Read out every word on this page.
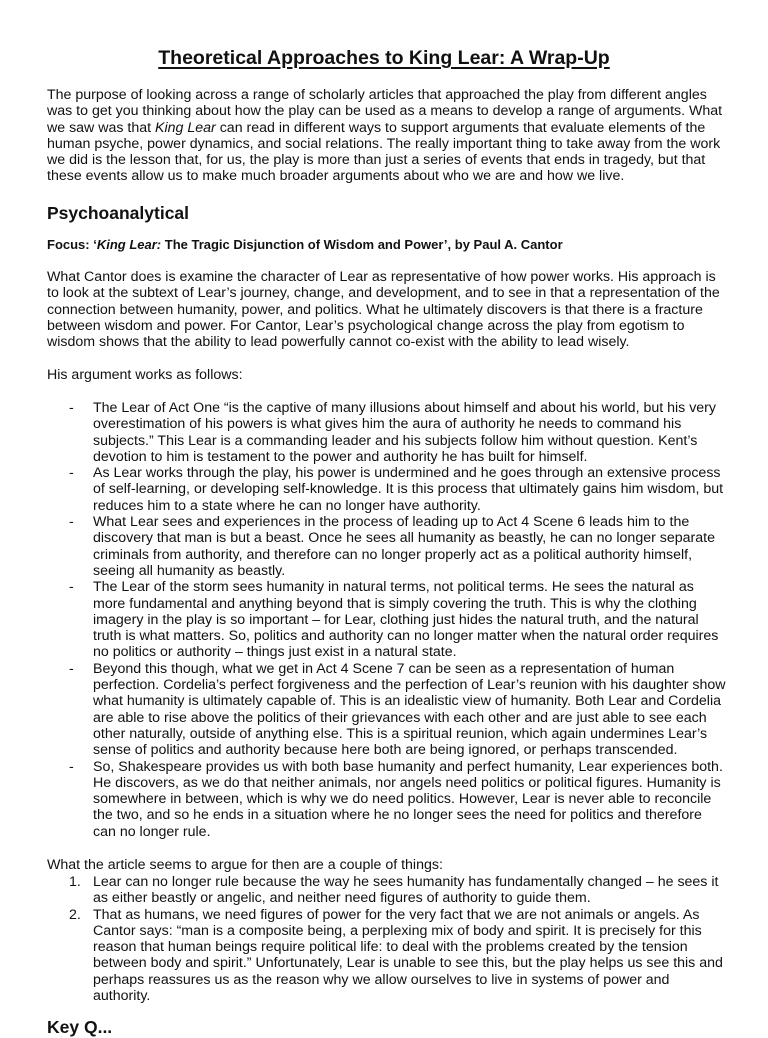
Theoretical Approaches to King Lear: A Wrap-Up

The purpose of looking across a range of scholarly articles that approached the play from different angles was to get you thinking about how the play can be used as a means to develop a range of arguments. What we saw was that King Lear can read in different ways to support arguments that evaluate elements of the human psyche, power dynamics, and social relations. The really important thing to take away from the work we did is the lesson that, for us, the play is more than just a series of events that ends in tragedy, but that these events allow us to make much broader arguments about who we are and how we live.

Psychoanalytical

Focus: ‘King Lear: The Tragic Disjunction of Wisdom and Power’, by Paul A. Cantor

What Cantor does is examine the character of Lear as representative of how power works. His approach is to look at the subtext of Lear’s journey, change, and development, and to see in that a representation of the connection between humanity, power, and politics. What he ultimately discovers is that there is a fracture between wisdom and power. For Cantor, Lear’s psychological change across the play from egotism to wisdom shows that the ability to lead powerfully cannot co-exist with the ability to lead wisely.

His argument works as follows:

- The Lear of Act One “is the captive of many illusions about himself and about his world, but his very overestimation of his powers is what gives him the aura of authority he needs to command his subjects.” This Lear is a commanding leader and his subjects follow him without question. Kent’s devotion to him is testament to the power and authority he has built for himself.
- As Lear works through the play, his power is undermined and he goes through an extensive process of self-learning, or developing self-knowledge. It is this process that ultimately gains him wisdom, but reduces him to a state where he can no longer have authority.
- What Lear sees and experiences in the process of leading up to Act 4 Scene 6 leads him to the discovery that man is but a beast. Once he sees all humanity as beastly, he can no longer separate criminals from authority, and therefore can no longer properly act as a political authority himself, seeing all humanity as beastly.
- The Lear of the storm sees humanity in natural terms, not political terms. He sees the natural as more fundamental and anything beyond that is simply covering the truth. This is why the clothing imagery in the play is so important – for Lear, clothing just hides the natural truth, and the natural truth is what matters. So, politics and authority can no longer matter when the natural order requires no politics or authority – things just exist in a natural state.
- Beyond this though, what we get in Act 4 Scene 7 can be seen as a representation of human perfection. Cordelia’s perfect forgiveness and the perfection of Lear’s reunion with his daughter show what humanity is ultimately capable of. This is an idealistic view of humanity. Both Lear and Cordelia are able to rise above the politics of their grievances with each other and are just able to see each other naturally, outside of anything else. This is a spiritual reunion, which again undermines Lear’s sense of politics and authority because here both are being ignored, or perhaps transcended.
- So, Shakespeare provides us with both base humanity and perfect humanity, Lear experiences both. He discovers, as we do that neither animals, nor angels need politics or political figures. Humanity is somewhere in between, which is why we do need politics. However, Lear is never able to reconcile the two, and so he ends in a situation where he no longer sees the need for politics and therefore can no longer rule.

What the article seems to argue for then are a couple of things:

1. Lear can no longer rule because the way he sees humanity has fundamentally changed – he sees it as either beastly or angelic, and neither need figures of authority to guide them.
2. That as humans, we need figures of power for the very fact that we are not animals or angels. As Cantor says: “man is a composite being, a perplexing mix of body and spirit. It is precisely for this reason that human beings require political life: to deal with the problems created by the tension between body and spirit.” Unfortunately, Lear is unable to see this, but the play helps us see this and perhaps reassures us as the reason why we allow ourselves to live in systems of power and authority.
Key Q...
